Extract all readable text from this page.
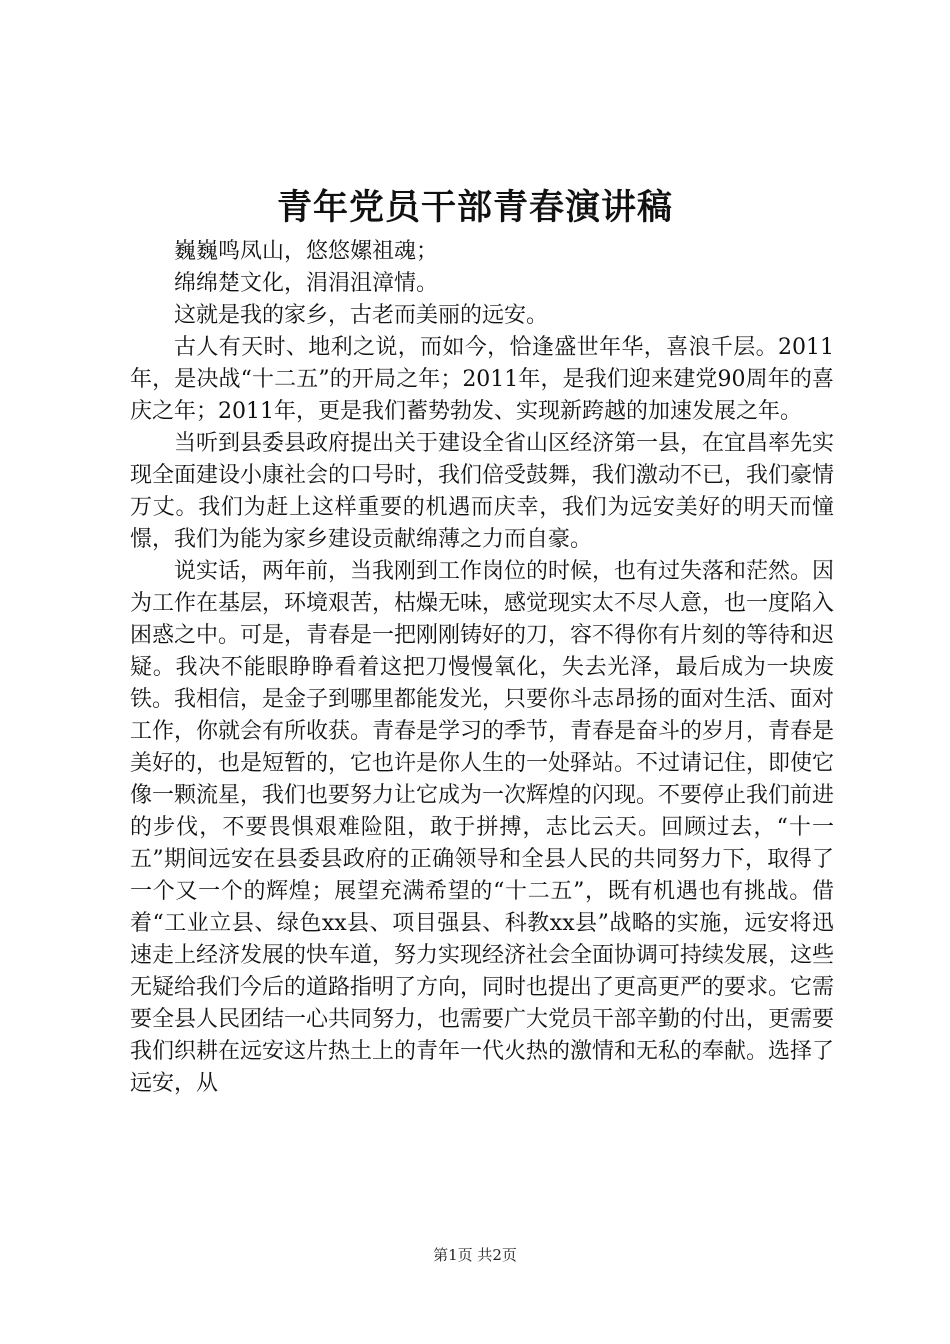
青年党员干部青春演讲稿

巍巍鸣凤山，悠悠嫘祖魂；

绵绵楚文化，涓涓沮漳情。

这就是我的家乡，古老而美丽的远安。

古人有天时、地利之说，而如今，恰逢盛世年华，喜浪千层。2011年，是决战“十二五”的开局之年；2011年，是我们迎来建党90周年的喜庆之年；2011年，更是我们蓄势勃发、实现新跨越的加速发展之年。

当听到县委县政府提出关于建设全省山区经济第一县，在宜昌率先实现全面建设小康社会的口号时，我们倍受鼓舞，我们激动不已，我们豪情万丈。我们为赶上这样重要的机遇而庆幸，我们为远安美好的明天而憧憬，我们为能为家乡建设贡献绵薄之力而自豪。

说实话，两年前，当我刚到工作岗位的时候，也有过失落和茫然。因为工作在基层，环境艰苦，枯燥无味，感觉现实太不尽人意，也一度陷入困惑之中。可是，青春是一把刚刚铸好的刀，容不得你有片刻的等待和迟疑。我决不能眼睁睁看着这把刀慢慢氧化，失去光泽，最后成为一块废铁。我相信，是金子到哪里都能发光，只要你斗志昂扬的面对生活、面对工作，你就会有所收获。青春是学习的季节，青春是奋斗的岁月，青春是美好的，也是短暂的，它也许是你人生的一处驿站。不过请记住，即使它像一颗流星，我们也要努力让它成为一次辉煌的闪现。不要停止我们前进的步伐，不要畏惧艰难险阻，敢于拼搏，志比云天。回顾过去，“十一五”期间远安在县委县政府的正确领导和全县人民的共同努力下，取得了一个又一个的辉煌；展望充满希望的“十二五”，既有机遇也有挑战。借着“工业立县、绿色xx县、项目强县、科教xx县”战略的实施，远安将迅速走上经济发展的快车道，努力实现经济社会全面协调可持续发展，这些无疑给我们今后的道路指明了方向，同时也提出了更高更严的要求。它需要全县人民团结一心共同努力，也需要广大党员干部辛勤的付出，更需要我们织耕在远安这片热土上的青年一代火热的激情和无私的奉献。选择了远安，从

第1页 共2页
